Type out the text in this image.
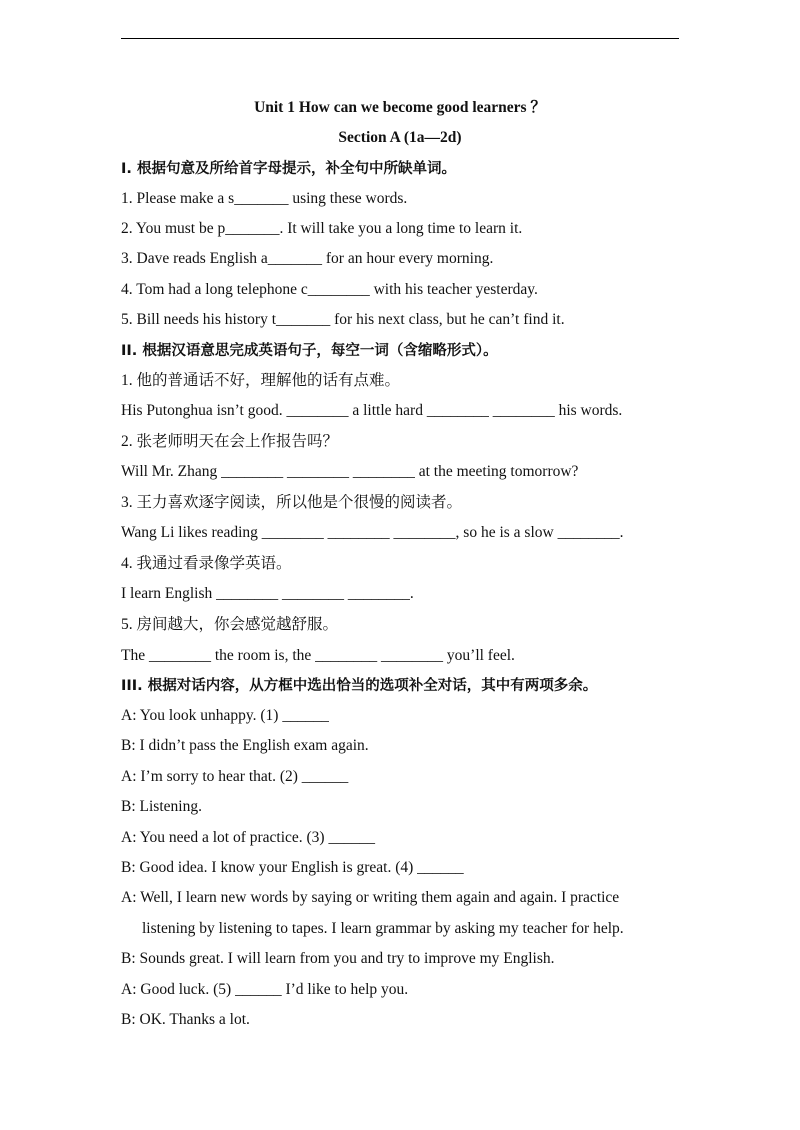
Unit 1 How can we become good learners ？
Section A (1a—2d)
I. 根据句意及所给首字母提示，补全句中所缺单词。
1. Please make a s_______ using these words.
2. You must be p_______. It will take you a long time to learn it.
3. Dave reads English a_______ for an hour every morning.
4. Tom had a long telephone c________ with his teacher yesterday.
5. Bill needs his history t_______ for his next class, but he can’t find it.
II. 根据汉语意思完成英语句子，每空一词（含缩略形式）。
1. 他的普通话不好，理解他的话有点难。
His Putonghua isn’t good. ________ a little hard ________ ________ his words.
2. 张老师明天在会上作报告吗？
Will Mr. Zhang ________ ________ ________ at the meeting tomorrow?
3. 王力喜欢逐字阅读，所以他是个很慢的阅读者。
Wang Li likes reading ________ ________ ________, so he is a slow ________.
4. 我通过看录像学英语。
I learn English ________ ________ ________.
5. 房间越大，你会感觉越舒服。
The ________ the room is, the ________ ________ you’ll feel.
III. 根据对话内容，从方框中选出恰当的选项补全对话，其中有两项多余。
A: You look unhappy. (1) ______
B: I didn’t pass the English exam again.
A: I’m sorry to hear that. (2) ______
B: Listening.
A: You need a lot of practice. (3) ______
B: Good idea. I know your English is great. (4) ______
A: Well, I learn new words by saying or writing them again and again. I practice
listening by listening to tapes. I learn grammar by asking my teacher for help.
B: Sounds great. I will learn from you and try to improve my English.
A: Good luck. (5) ______ I’d like to help you.
B: OK. Thanks a lot.
